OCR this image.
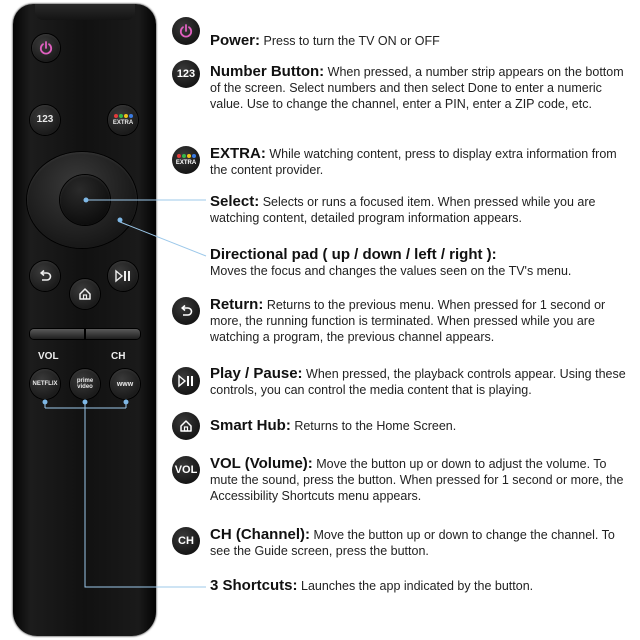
123	EXTRA
VOL	CH
NETFLIX	prime
video	www
Power: Press to turn the TV ON or OFF
123 Number Button: When pressed, a number strip appears on the bottom of the screen. Select numbers and then select Done to enter a numeric value. Use to change the channel, enter a PIN, enter a ZIP code, etc.
EXTRA
EXTRA: While watching content, press to display extra information from the content provider.
Select: Selects or runs a focused item. When pressed while you are watching content, detailed program information appears.
Directional pad ( up / down / left / right ):
Moves the focus and changes the values seen on the TV's menu.
Return: Returns to the previous menu. When pressed for 1 second or more, the running function is terminated. When pressed while you are watching a program, the previous channel appears.
Play / Pause: When pressed, the playback controls appear. Using these controls, you can control the media content that is playing.
Smart Hub: Returns to the Home Screen.
VOL VOL (Volume): Move the button up or down to adjust the volume. To mute the sound, press the button. When pressed for 1 second or more, the Accessibility Shortcuts menu appears.
CH CH (Channel): Move the button up or down to change the channel. To see the Guide screen, press the button.
3 Shortcuts: Launches the app indicated by the button.
